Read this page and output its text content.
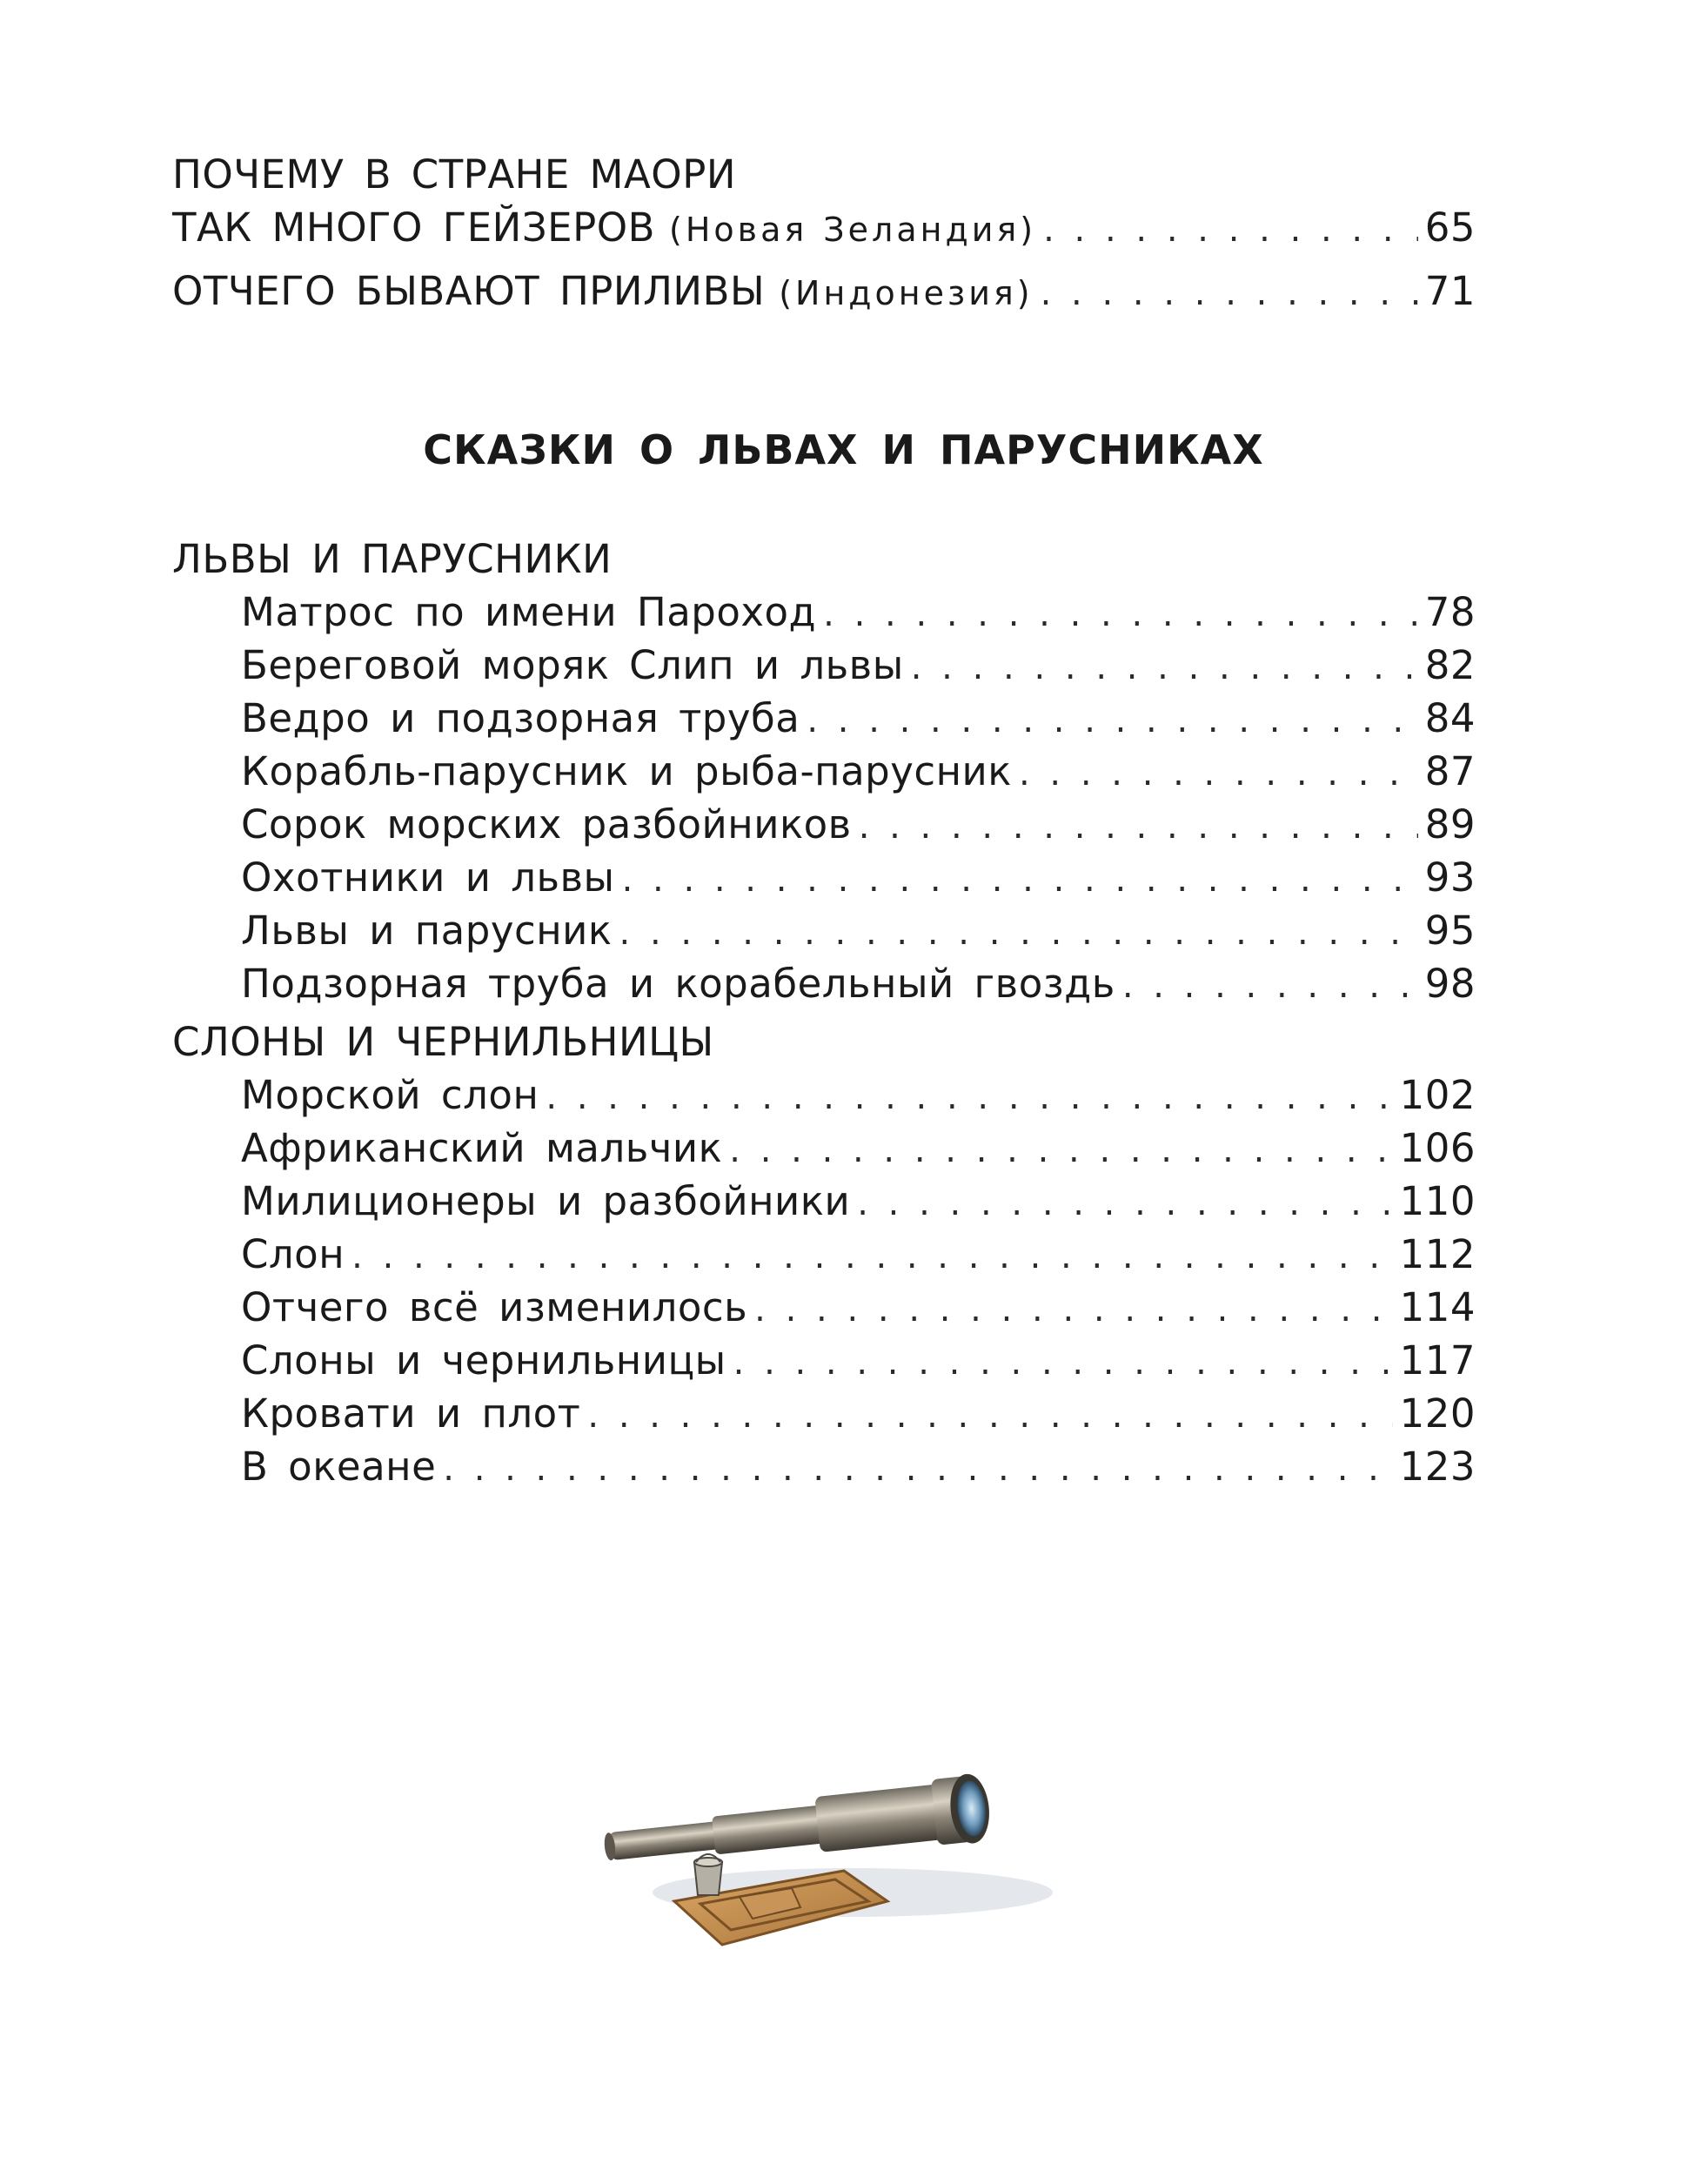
ПОЧЕМУ В СТРАНЕ МАОРИ
ТАК МНОГО ГЕЙЗЕРОВ (Новая Зеландия) . . .	65
ОТЧЕГО БЫВАЮТ ПРИЛИВЫ (Индонезия) . . .	71
СКАЗКИ О ЛЬВАХ И ПАРУСНИКАХ
ЛЬВЫ И ПАРУСНИКИ
Матрос по имени Пароход . . .	78
Береговой моряк Слип и львы . . .	82
Ведро и подзорная труба . . .	84
Корабль-парусник и рыба-парусник . . .	87
Сорок морских разбойников . . .	89
Охотники и львы . . .	93
Львы и парусник . . .	95
Подзорная труба и корабельный гвоздь . . .	98
СЛОНЫ И ЧЕРНИЛЬНИЦЫ
Морской слон . . .	102
Африканский мальчик . . .	106
Милиционеры и разбойники . . .	110
Слон . . .	112
Отчего всё изменилось . . .	114
Слоны и чернильницы . . .	117
Кровати и плот . . .	120
В океане . . .	123
